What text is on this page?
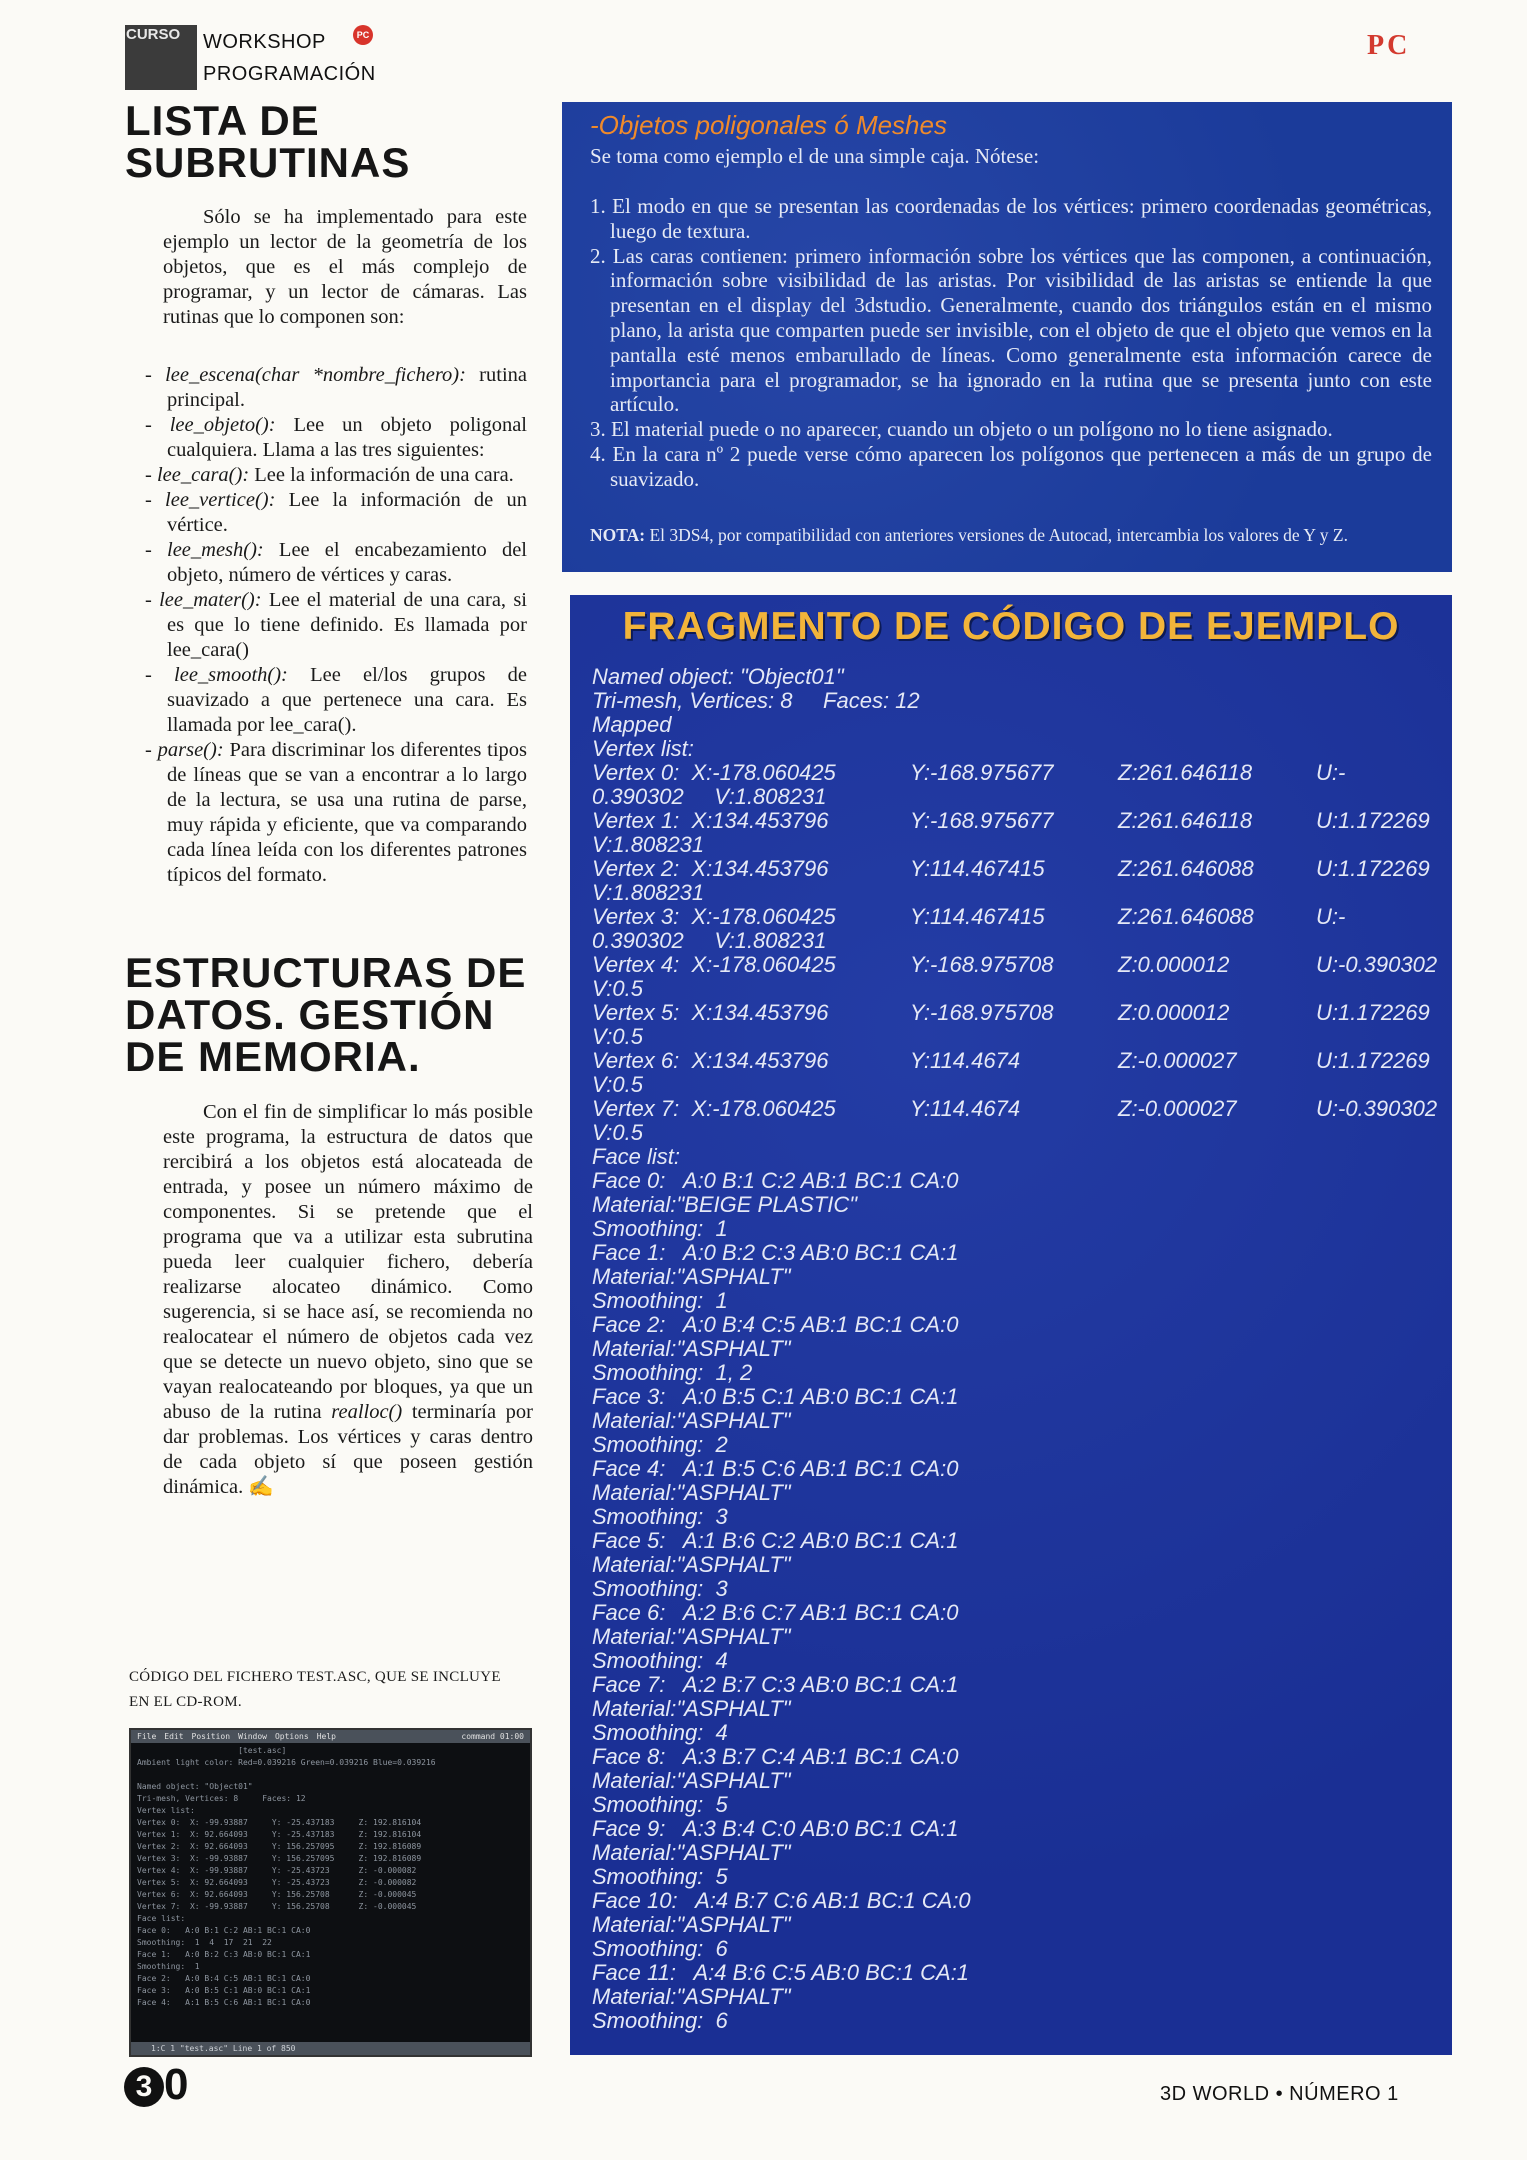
CURSO

WORKSHOP
PROGRAMACIÓN
PC	PC
LISTA DE SUBRUTINAS

Sólo se ha implementado para este ejemplo un lector de la geometría de los objetos, que es el más complejo de programar, y un lector de cámaras. Las rutinas que lo componen son:

- lee_escena(char *nombre_fichero): rutina principal.

- lee_objeto(): Lee un objeto poligonal cualquiera. Llama a las tres siguientes:

- lee_cara(): Lee la información de una cara.

- lee_vertice(): Lee la información de un vértice.

- lee_mesh(): Lee el encabezamiento del objeto, número de vértices y caras.

- lee_mater(): Lee el material de una cara, si es que lo tiene definido. Es llamada por lee_cara()

- lee_smooth(): Lee el/los grupos de suavizado a que pertenece una cara. Es llamada por lee_cara().

- parse(): Para discriminar los diferentes tipos de líneas que se van a encontrar a lo largo de la lectura, se usa una rutina de parse, muy rápida y eficiente, que va comparando cada línea leída con los diferentes patrones típicos del formato.

ESTRUCTURAS DE DATOS. GESTIÓN DE MEMORIA.

Con el fin de simplificar lo más posible este programa, la estructura de datos que rercibirá a los objetos está alocateada de entrada, y posee un número máximo de componentes. Si se pretende que el programa que va a utilizar esta subrutina pueda leer cualquier fichero, debería realizarse alocateo dinámico. Como sugerencia, si se hace así, se recomienda no realocatear el número de objetos cada vez que se detecte un nuevo objeto, sino que se vayan realocateando por bloques, ya que un abuso de la rutina realloc() terminaría por dar problemas. Los vértices y caras dentro de cada objeto sí que poseen gestión dinámica. ✍

CÓDIGO DEL FICHERO TEST.ASC, QUE SE INCLUYE EN EL CD-ROM.
File Edit Position Window Options Help	command 01:00
[test.asc]
Ambient light color: Red=0.039216 Green=0.039216 Blue=0.039216

Named object: "Object01"
Tri-mesh, Vertices: 8     Faces: 12
Vertex list:
Vertex 0:  X: -99.93887     Y: -25.437183     Z: 192.816104
Vertex 1:  X: 92.664093     Y: -25.437183     Z: 192.816104
Vertex 2:  X: 92.664093     Y: 156.257095     Z: 192.816089
Vertex 3:  X: -99.93887     Y: 156.257095     Z: 192.816089
Vertex 4:  X: -99.93887     Y: -25.43723      Z: -0.000082
Vertex 5:  X: 92.664093     Y: -25.43723      Z: -0.000082
Vertex 6:  X: 92.664093     Y: 156.25708      Z: -0.000045
Vertex 7:  X: -99.93887     Y: 156.25708      Z: -0.000045
Face list:
Face 0:   A:0 B:1 C:2 AB:1 BC:1 CA:0
Smoothing:  1  4  17  21  22
Face 1:   A:0 B:2 C:3 AB:0 BC:1 CA:1
Smoothing:  1
Face 2:   A:0 B:4 C:5 AB:1 BC:1 CA:0
Face 3:   A:0 B:5 C:1 AB:0 BC:1 CA:1
Face 4:   A:1 B:5 C:6 AB:1 BC:1 CA:0
1:C 1 "test.asc" Line 1 of 850
-Objetos poligonales ó Meshes
Se toma como ejemplo el de una simple caja. Nótese:

1. El modo en que se presentan las coordenadas de los vértices: primero coordenadas geométricas, luego de textura.

2. Las caras contienen: primero información sobre los vértices que las componen, a continuación, información sobre visibilidad de las aristas. Por visibilidad de las aristas se entiende la que presentan en el display del 3dstudio. Generalmente, cuando dos triángulos están en el mismo plano, la arista que comparten puede ser invisible, con el objeto de que el objeto que vemos en la pantalla esté menos embarullado de líneas. Como generalmente esta información carece de importancia para el programador, se ha ignorado en la rutina que se presenta junto con este artículo.

3. El material puede o no aparecer, cuando un objeto o un polígono no lo tiene asignado.

4. En la cara nº 2 puede verse cómo aparecen los polígonos que pertenecen a más de un grupo de suavizado.

NOTA: El 3DS4, por compatibilidad con anteriores versiones de Autocad, intercambia los valores de Y y Z.
FRAGMENTO DE CÓDIGO DE EJEMPLO
Named object: "Object01"
Tri-mesh, Vertices: 8     Faces: 12
Mapped
Vertex list:
Vertex 0:  X:-178.060425	Y:-168.975677	Z:261.646118	U:-
0.390302     V:1.808231
Vertex 1:  X:134.453796	Y:-168.975677	Z:261.646118	U:1.172269
V:1.808231
Vertex 2:  X:134.453796	Y:114.467415	Z:261.646088	U:1.172269
V:1.808231
Vertex 3:  X:-178.060425	Y:114.467415	Z:261.646088	U:-
0.390302     V:1.808231
Vertex 4:  X:-178.060425	Y:-168.975708	Z:0.000012	U:-0.390302
V:0.5
Vertex 5:  X:134.453796	Y:-168.975708	Z:0.000012	U:1.172269
V:0.5
Vertex 6:  X:134.453796	Y:114.4674	Z:-0.000027	U:1.172269
V:0.5
Vertex 7:  X:-178.060425	Y:114.4674	Z:-0.000027	U:-0.390302
V:0.5
Face list:
Face 0:   A:0 B:1 C:2 AB:1 BC:1 CA:0
Material:"BEIGE PLASTIC"
Smoothing:  1
Face 1:   A:0 B:2 C:3 AB:0 BC:1 CA:1
Material:"ASPHALT"
Smoothing:  1
Face 2:   A:0 B:4 C:5 AB:1 BC:1 CA:0
Material:"ASPHALT"
Smoothing:  1, 2
Face 3:   A:0 B:5 C:1 AB:0 BC:1 CA:1
Material:"ASPHALT"
Smoothing:  2
Face 4:   A:1 B:5 C:6 AB:1 BC:1 CA:0
Material:"ASPHALT"
Smoothing:  3
Face 5:   A:1 B:6 C:2 AB:0 BC:1 CA:1
Material:"ASPHALT"
Smoothing:  3
Face 6:   A:2 B:6 C:7 AB:1 BC:1 CA:0
Material:"ASPHALT"
Smoothing:  4
Face 7:   A:2 B:7 C:3 AB:0 BC:1 CA:1
Material:"ASPHALT"
Smoothing:  4
Face 8:   A:3 B:7 C:4 AB:1 BC:1 CA:0
Material:"ASPHALT"
Smoothing:  5
Face 9:   A:3 B:4 C:0 AB:0 BC:1 CA:1
Material:"ASPHALT"
Smoothing:  5
Face 10:   A:4 B:7 C:6 AB:1 BC:1 CA:0
Material:"ASPHALT"
Smoothing:  6
Face 11:   A:4 B:6 C:5 AB:0 BC:1 CA:1
Material:"ASPHALT"
Smoothing:  6
3 0	3D WORLD • NÚMERO 1
